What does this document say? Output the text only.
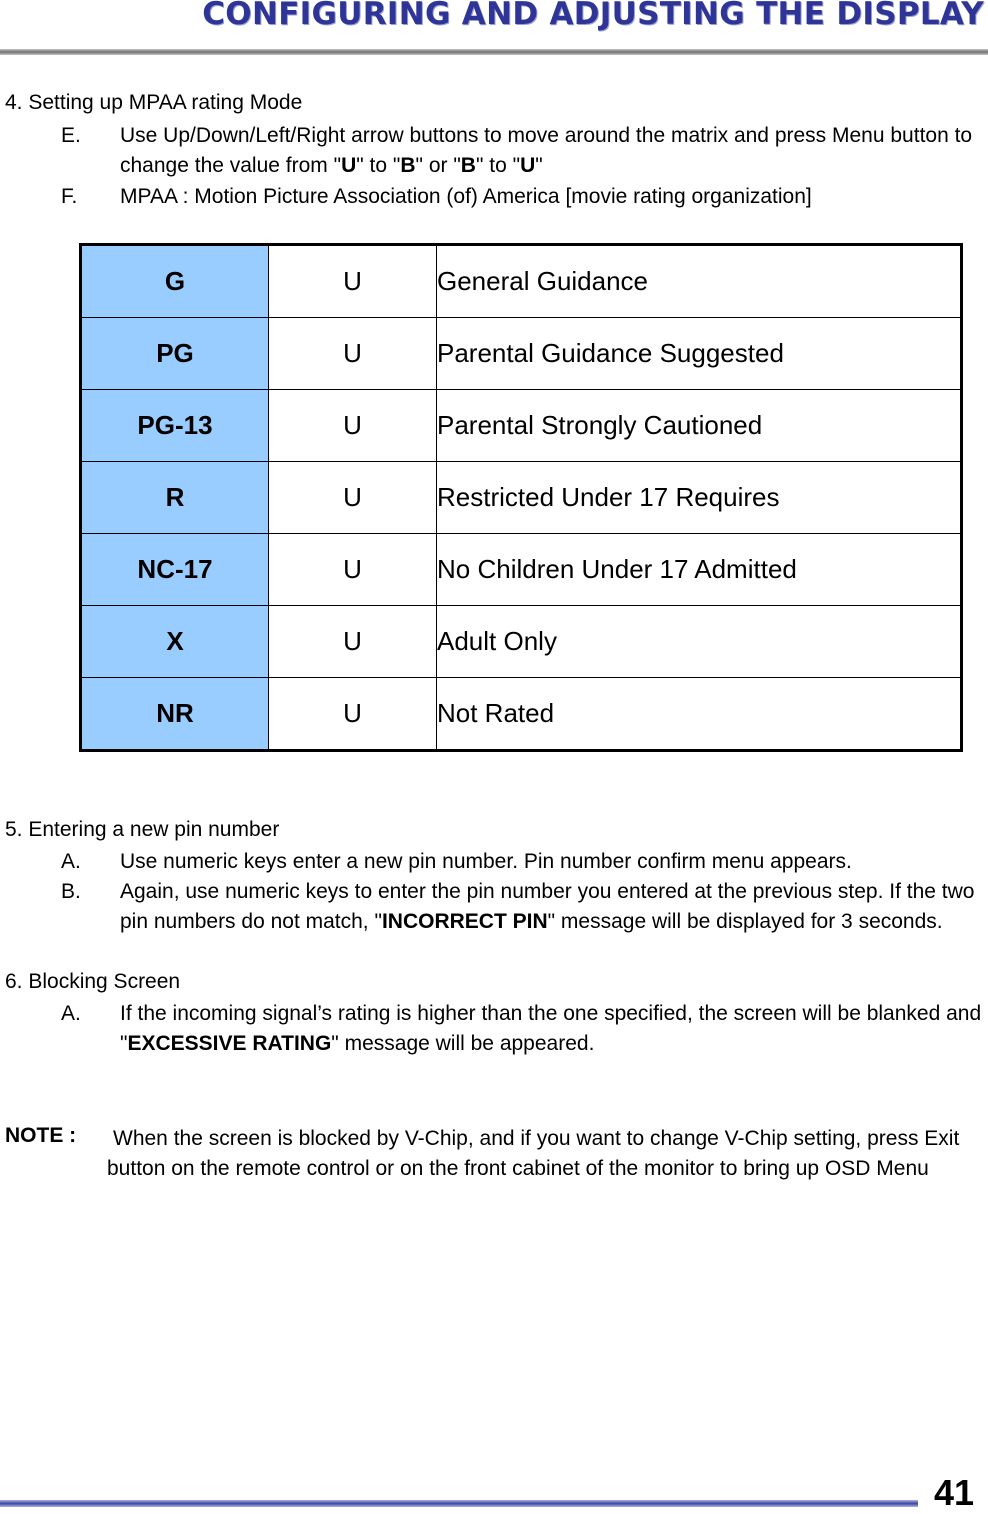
CONFIGURING AND ADJUSTING THE DISPLAY
4. Setting up MPAA rating Mode
E. Use Up/Down/Left/Right arrow buttons to move around the matrix and press Menu button to change the value from "U" to "B" or "B" to "U"
F. MPAA : Motion Picture Association (of) America [movie rating organization]
G	U	General Guidance
PG	U	Parental Guidance Suggested
PG-13	U	Parental Strongly Cautioned
R	U	Restricted Under 17 Requires
NC-17	U	No Children Under 17 Admitted
X	U	Adult Only
NR	U	Not Rated
5. Entering a new pin number
A. Use numeric keys enter a new pin number. Pin number confirm menu appears.
B. Again, use numeric keys to enter the pin number you entered at the previous step. If the two pin numbers do not match, "INCORRECT PIN" message will be displayed for 3 seconds.
6. Blocking Screen
A. If the incoming signal’s rating is higher than the one specified, the screen will be blanked and "EXCESSIVE RATING" message will be appeared.
NOTE : When the screen is blocked by V-Chip, and if you want to change V-Chip setting, press Exit button on the remote control or on the front cabinet of the monitor to bring up OSD Menu
41
